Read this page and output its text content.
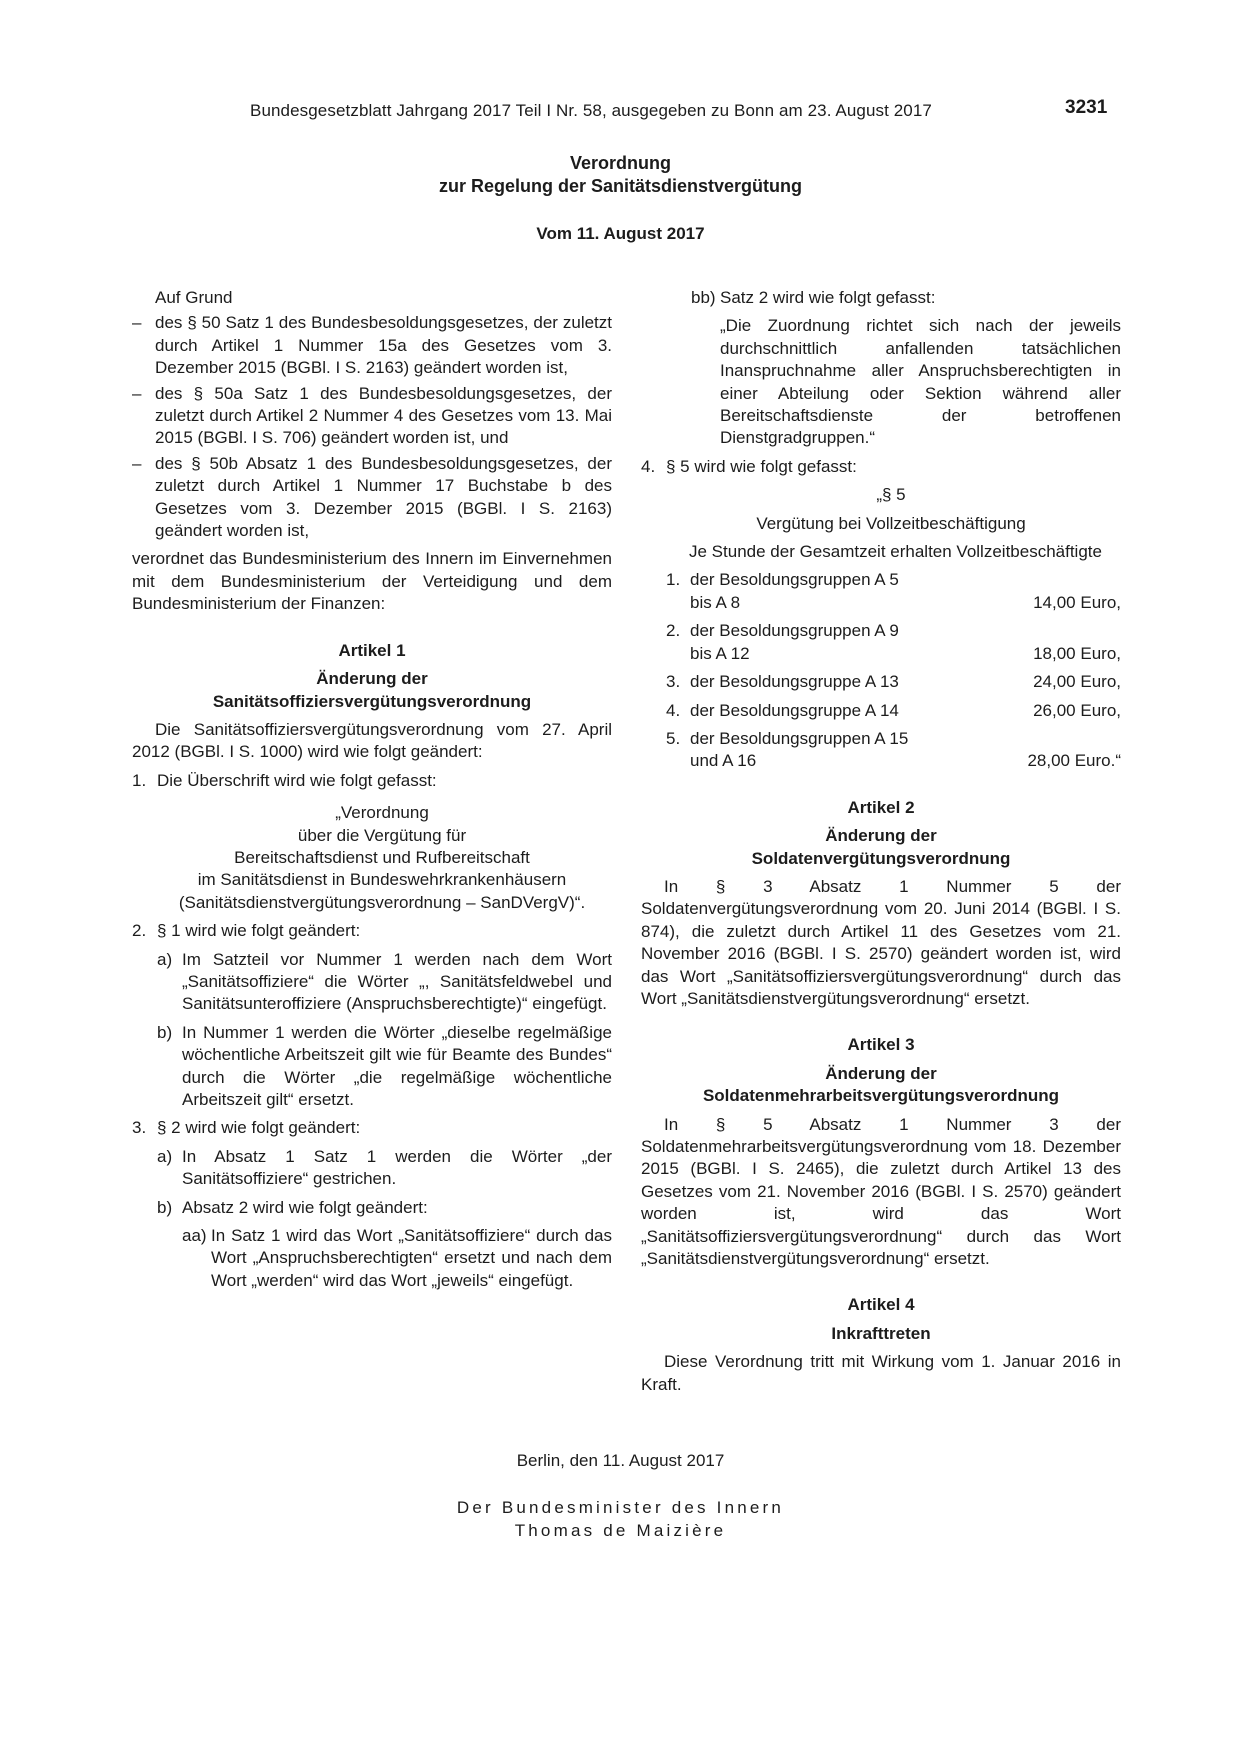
Bundesgesetzblatt Jahrgang 2017 Teil I Nr. 58, ausgegeben zu Bonn am 23. August 2017	3231
Verordnung
zur Regelung der Sanitätsdienstvergütung
Vom 11. August 2017

Auf Grund

– des § 50 Satz 1 des Bundesbesoldungsgesetzes, der zuletzt durch Artikel 1 Nummer 15a des Gesetzes vom 3. Dezember 2015 (BGBl. I S. 2163) geändert worden ist,

– des § 50a Satz 1 des Bundesbesoldungsgesetzes, der zuletzt durch Artikel 2 Nummer 4 des Gesetzes vom 13. Mai 2015 (BGBl. I S. 706) geändert worden ist, und

– des § 50b Absatz 1 des Bundesbesoldungsgesetzes, der zuletzt durch Artikel 1 Nummer 17 Buchstabe b des Gesetzes vom 3. Dezember 2015 (BGBl. I S. 2163) geändert worden ist,

verordnet das Bundesministerium des Innern im Einvernehmen mit dem Bundesministerium der Verteidigung und dem Bundesministerium der Finanzen:

Artikel 1

Änderung der

Sanitätsoffiziersvergütungsverordnung

Die Sanitätsoffiziersvergütungsverordnung vom 27. April 2012 (BGBl. I S. 1000) wird wie folgt geändert:

1. Die Überschrift wird wie folgt gefasst:

„Verordnung

über die Vergütung für

Bereitschaftsdienst und Rufbereitschaft

im Sanitätsdienst in Bundeswehrkrankenhäusern

(Sanitätsdienstvergütungsverordnung – SanDVergV)“.

2. § 1 wird wie folgt geändert:

a) Im Satzteil vor Nummer 1 werden nach dem Wort „Sanitätsoffiziere“ die Wörter „, Sanitätsfeldwebel und Sanitätsunteroffiziere (Anspruchsberechtigte)“ eingefügt.

b) In Nummer 1 werden die Wörter „dieselbe regelmäßige wöchentliche Arbeitszeit gilt wie für Beamte des Bundes“ durch die Wörter „die regelmäßige wöchentliche Arbeitszeit gilt“ ersetzt.

3. § 2 wird wie folgt geändert:

a) In Absatz 1 Satz 1 werden die Wörter „der Sanitätsoffiziere“ gestrichen.

b) Absatz 2 wird wie folgt geändert:

aa) In Satz 1 wird das Wort „Sanitätsoffiziere“ durch das Wort „Anspruchsberechtigten“ ersetzt und nach dem Wort „werden“ wird das Wort „jeweils“ eingefügt.

bb) Satz 2 wird wie folgt gefasst:

„Die Zuordnung richtet sich nach der jeweils durchschnittlich anfallenden tatsächlichen Inanspruchnahme aller Anspruchsberechtigten in einer Abteilung oder Sektion während aller Bereitschaftsdienste der betroffenen Dienstgradgruppen.“

4. § 5 wird wie folgt gefasst:

„§ 5

Vergütung bei Vollzeitbeschäftigung

Je Stunde der Gesamtzeit erhalten Vollzeitbeschäftigte

1. der Besoldungsgruppen A 5
bis A 8	14,00 Euro,
2. der Besoldungsgruppen A 9
bis A 12	18,00 Euro,
3. der Besoldungsgruppe A 13	24,00 Euro,
4. der Besoldungsgruppe A 14	26,00 Euro,
5. der Besoldungsgruppen A 15
und A 16	28,00 Euro.“

Artikel 2

Änderung der

Soldatenvergütungsverordnung

In § 3 Absatz 1 Nummer 5 der Soldatenvergütungsverordnung vom 20. Juni 2014 (BGBl. I S. 874), die zuletzt durch Artikel 11 des Gesetzes vom 21. November 2016 (BGBl. I S. 2570) geändert worden ist, wird das Wort „Sanitätsoffiziersvergütungsverordnung“ durch das Wort „Sanitätsdienstvergütungsverordnung“ ersetzt.

Artikel 3

Änderung der

Soldatenmehrarbeitsvergütungsverordnung

In § 5 Absatz 1 Nummer 3 der Soldatenmehrarbeitsvergütungsverordnung vom 18. Dezember 2015 (BGBl. I S. 2465), die zuletzt durch Artikel 13 des Gesetzes vom 21. November 2016 (BGBl. I S. 2570) geändert worden ist, wird das Wort „Sanitätsoffiziersvergütungsverordnung“ durch das Wort „Sanitätsdienstvergütungsverordnung“ ersetzt.

Artikel 4

Inkrafttreten

Diese Verordnung tritt mit Wirkung vom 1. Januar 2016 in Kraft.

Berlin, den 11. August 2017
Der Bundesminister des Innern
Thomas de Maizière
